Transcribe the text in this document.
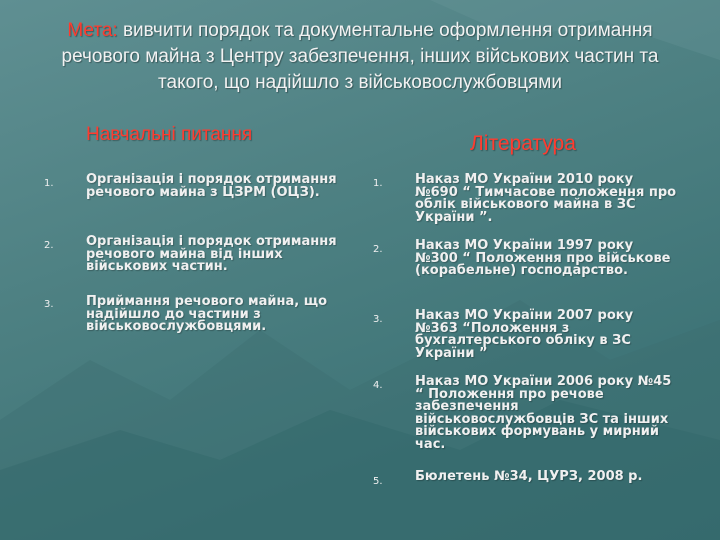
Мета: вивчити порядок та документальне оформлення отримання речового майна з Центру забезпечення, інших військових частин та такого, що надійшло з військовослужбовцями
Навчальні питання	Література
1. Організація і порядок отримання речового майна з ЦЗРМ (ОЦЗ).
2. Організація і порядок отримання речового майна від інших військових частин.
3. Приймання речового майна, що надійшло до частини з військовослужбовцями.
1. Наказ МО України 2010 року №690 “ Тимчасове положення про облік військового майна в ЗС України ”.
2. Наказ МО України 1997 року №300 “ Положення про військове (корабельне) господарство.
3. Наказ МО України 2007 року №363 “Положення з бухгалтерського обліку в ЗС України ”
4. Наказ МО України 2006 року №45 “ Положення про речове забезпечення військовослужбовців ЗС та інших військових формувань у мирний час.
5. Бюлетень №34, ЦУРЗ, 2008 р.
